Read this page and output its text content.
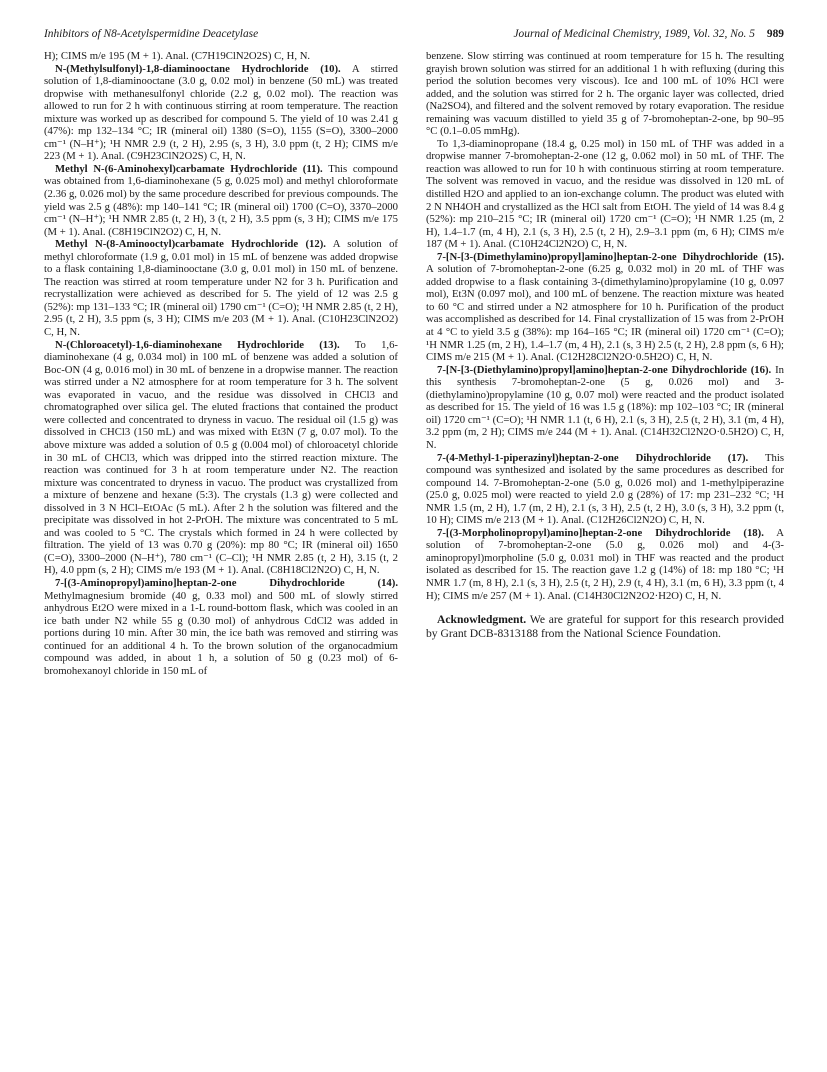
Inhibitors of N8-Acetylspermidine Deacetylase	Journal of Medicinal Chemistry, 1989, Vol. 32, No. 5 989

H); CIMS m/e 195 (M + 1). Anal. (C7H19ClN2O2S) C, H, N.

N-(Methylsulfonyl)-1,8-diaminooctane Hydrochloride (10). A stirred solution of 1,8-diaminooctane (3.0 g, 0.02 mol) in benzene (50 mL) was treated dropwise with methanesulfonyl chloride (2.2 g, 0.02 mol). The reaction was allowed to run for 2 h with continuous stirring at room temperature. The reaction mixture was worked up as described for compound 5. The yield of 10 was 2.41 g (47%): mp 132–134 °C; IR (mineral oil) 1380 (S=O), 1155 (S=O), 3300–2000 cm⁻¹ (N–H⁺); ¹H NMR 2.9 (t, 2 H), 2.95 (s, 3 H), 3.0 ppm (t, 2 H); CIMS m/e 223 (M + 1). Anal. (C9H23ClN2O2S) C, H, N.

Methyl N-(6-Aminohexyl)carbamate Hydrochloride (11). This compound was obtained from 1,6-diaminohexane (5 g, 0.025 mol) and methyl chloroformate (2.36 g, 0.026 mol) by the same procedure described for previous compounds. The yield was 2.5 g (48%): mp 140–141 °C; IR (mineral oil) 1700 (C=O), 3370–2000 cm⁻¹ (N–H⁺); ¹H NMR 2.85 (t, 2 H), 3 (t, 2 H), 3.5 ppm (s, 3 H); CIMS m/e 175 (M + 1). Anal. (C8H19ClN2O2) C, H, N.

Methyl N-(8-Aminooctyl)carbamate Hydrochloride (12). A solution of methyl chloroformate (1.9 g, 0.01 mol) in 15 mL of benzene was added dropwise to a flask containing 1,8-diaminooctane (3.0 g, 0.01 mol) in 150 mL of benzene. The reaction was stirred at room temperature under N2 for 3 h. Purification and recrystallization were achieved as described for 5. The yield of 12 was 2.5 g (52%): mp 131–133 °C; IR (mineral oil) 1790 cm⁻¹ (C=O); ¹H NMR 2.85 (t, 2 H), 2.95 (t, 2 H), 3.5 ppm (s, 3 H); CIMS m/e 203 (M + 1). Anal. (C10H23ClN2O2) C, H, N.

N-(Chloroacetyl)-1,6-diaminohexane Hydrochloride (13). To 1,6-diaminohexane (4 g, 0.034 mol) in 100 mL of benzene was added a solution of Boc-ON (4 g, 0.016 mol) in 30 mL of benzene in a dropwise manner. The reaction was stirred under a N2 atmosphere for at room temperature for 3 h. The solvent was evaporated in vacuo, and the residue was dissolved in CHCl3 and chromatographed over silica gel. The eluted fractions that contained the product were collected and concentrated to dryness in vacuo. The residual oil (1.5 g) was dissolved in CHCl3 (150 mL) and was mixed with Et3N (7 g, 0.07 mol). To the above mixture was added a solution of 0.5 g (0.004 mol) of chloroacetyl chloride in 30 mL of CHCl3, which was dripped into the stirred reaction mixture. The reaction was continued for 3 h at room temperature under N2. The reaction mixture was concentrated to dryness in vacuo. The product was crystallized from a mixture of benzene and hexane (5:3). The crystals (1.3 g) were collected and dissolved in 3 N HCl–EtOAc (5 mL). After 2 h the solution was filtered and the precipitate was dissolved in hot 2-PrOH. The mixture was concentrated to 5 mL and was cooled to 5 °C. The crystals which formed in 24 h were collected by filtration. The yield of 13 was 0.70 g (20%): mp 80 °C; IR (mineral oil) 1650 (C=O), 3300–2000 (N–H⁺), 780 cm⁻¹ (C–Cl); ¹H NMR 2.85 (t, 2 H), 3.15 (t, 2 H), 4.0 ppm (s, 2 H); CIMS m/e 193 (M + 1). Anal. (C8H18Cl2N2O) C, H, N.

7-[(3-Aminopropyl)amino]heptan-2-one Dihydrochloride (14). Methylmagnesium bromide (40 g, 0.33 mol) and 500 mL of slowly stirred anhydrous Et2O were mixed in a 1-L round-bottom flask, which was cooled in an ice bath under N2 while 55 g (0.30 mol) of anhydrous CdCl2 was added in portions during 10 min. After 30 min, the ice bath was removed and stirring was continued for an additional 4 h. To the brown solution of the organocadmium compound was added, in about 1 h, a solution of 50 g (0.23 mol) of 6-bromohexanoyl chloride in 150 mL of

benzene. Slow stirring was continued at room temperature for 15 h. The resulting grayish brown solution was stirred for an additional 1 h with refluxing (during this period the solution becomes very viscous). Ice and 100 mL of 10% HCl were added, and the solution was stirred for 2 h. The organic layer was collected, dried (Na2SO4), and filtered and the solvent removed by rotary evaporation. The residue remaining was vacuum distilled to yield 35 g of 7-bromoheptan-2-one, bp 90–95 °C (0.1–0.05 mmHg).

To 1,3-diaminopropane (18.4 g, 0.25 mol) in 150 mL of THF was added in a dropwise manner 7-bromoheptan-2-one (12 g, 0.062 mol) in 50 mL of THF. The reaction was allowed to run for 10 h with continuous stirring at room temperature. The solvent was removed in vacuo, and the residue was dissolved in 120 mL of distilled H2O and applied to an ion-exchange column. The product was eluted with 2 N NH4OH and crystallized as the HCl salt from EtOH. The yield of 14 was 8.4 g (52%): mp 210–215 °C; IR (mineral oil) 1720 cm⁻¹ (C=O); ¹H NMR 1.25 (m, 2 H), 1.4–1.7 (m, 4 H), 2.1 (s, 3 H), 2.5 (t, 2 H), 2.9–3.1 ppm (m, 6 H); CIMS m/e 187 (M + 1). Anal. (C10H24Cl2N2O) C, H, N.

7-[N-[3-(Dimethylamino)propyl]amino]heptan-2-one Dihydrochloride (15). A solution of 7-bromoheptan-2-one (6.25 g, 0.032 mol) in 20 mL of THF was added dropwise to a flask containing 3-(dimethylamino)propylamine (10 g, 0.097 mol), Et3N (0.097 mol), and 100 mL of benzene. The reaction mixture was heated to 60 °C and stirred under a N2 atmosphere for 10 h. Purification of the product was accomplished as described for 14. Final crystallization of 15 was from 2-PrOH at 4 °C to yield 3.5 g (38%): mp 164–165 °C; IR (mineral oil) 1720 cm⁻¹ (C=O); ¹H NMR 1.25 (m, 2 H), 1.4–1.7 (m, 4 H), 2.1 (s, 3 H) 2.5 (t, 2 H), 2.8 ppm (s, 6 H); CIMS m/e 215 (M + 1). Anal. (C12H28Cl2N2O·0.5H2O) C, H, N.

7-[N-[3-(Diethylamino)propyl]amino]heptan-2-one Dihydrochloride (16). In this synthesis 7-bromoheptan-2-one (5 g, 0.026 mol) and 3-(diethylamino)propylamine (10 g, 0.07 mol) were reacted and the product isolated as described for 15. The yield of 16 was 1.5 g (18%): mp 102–103 °C; IR (mineral oil) 1720 cm⁻¹ (C=O); ¹H NMR 1.1 (t, 6 H), 2.1 (s, 3 H), 2.5 (t, 2 H), 3.1 (m, 4 H), 3.2 ppm (m, 2 H); CIMS m/e 244 (M + 1). Anal. (C14H32Cl2N2O·0.5H2O) C, H, N.

7-(4-Methyl-1-piperazinyl)heptan-2-one Dihydrochloride (17). This compound was synthesized and isolated by the same procedures as described for compound 14. 7-Bromoheptan-2-one (5.0 g, 0.026 mol) and 1-methylpiperazine (25.0 g, 0.025 mol) were reacted to yield 2.0 g (28%) of 17: mp 231–232 °C; ¹H NMR 1.5 (m, 2 H), 1.7 (m, 2 H), 2.1 (s, 3 H), 2.5 (t, 2 H), 3.0 (s, 3 H), 3.2 ppm (t, 10 H); CIMS m/e 213 (M + 1). Anal. (C12H26Cl2N2O) C, H, N.

7-[(3-Morpholinopropyl)amino]heptan-2-one Dihydrochloride (18). A solution of 7-bromoheptan-2-one (5.0 g, 0.026 mol) and 4-(3-aminopropyl)morpholine (5.0 g, 0.031 mol) in THF was reacted and the product isolated as described for 15. The reaction gave 1.2 g (14%) of 18: mp 180 °C; ¹H NMR 1.7 (m, 8 H), 2.1 (s, 3 H), 2.5 (t, 2 H), 2.9 (t, 4 H), 3.1 (m, 6 H), 3.3 ppm (t, 4 H); CIMS m/e 257 (M + 1). Anal. (C14H30Cl2N2O2·H2O) C, H, N.

Acknowledgment. We are grateful for support for this research provided by Grant DCB-8313188 from the National Science Foundation.
